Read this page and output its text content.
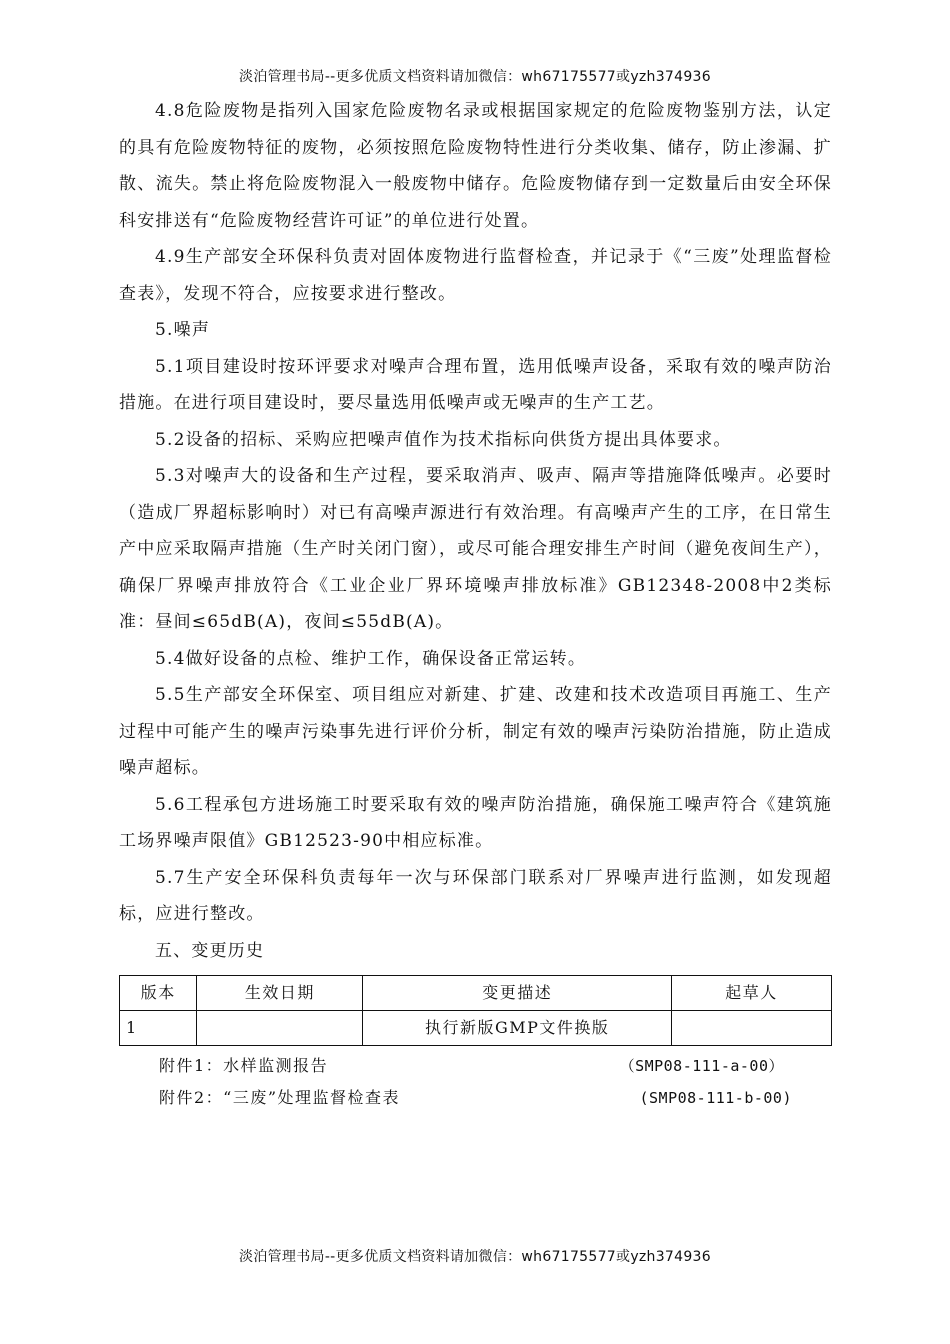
淡泊管理书局--更多优质文档资料请加微信：wh67175577或yzh374936

4.8危险废物是指列入国家危险废物名录或根据国家规定的危险废物鉴别方法，认定的具有危险废物特征的废物，必须按照危险废物特性进行分类收集、储存，防止渗漏、扩散、流失。禁止将危险废物混入一般废物中储存。危险废物储存到一定数量后由安全环保科安排送有“危险废物经营许可证”的单位进行处置。

4.9生产部安全环保科负责对固体废物进行监督检查，并记录于《“三废”处理监督检查表》，发现不符合，应按要求进行整改。

5.噪声

5.1项目建设时按环评要求对噪声合理布置，选用低噪声设备，采取有效的噪声防治措施。在进行项目建设时，要尽量选用低噪声或无噪声的生产工艺。

5.2设备的招标、采购应把噪声值作为技术指标向供货方提出具体要求。

5.3对噪声大的设备和生产过程，要采取消声、吸声、隔声等措施降低噪声。必要时（造成厂界超标影响时）对已有高噪声源进行有效治理。有高噪声产生的工序，在日常生产中应采取隔声措施（生产时关闭门窗），或尽可能合理安排生产时间（避免夜间生产），确保厂界噪声排放符合《工业企业厂界环境噪声排放标准》GB12348-2008中2类标准：昼间≤65dB(A)，夜间≤55dB(A)。

5.4做好设备的点检、维护工作，确保设备正常运转。

5.5生产部安全环保室、项目组应对新建、扩建、改建和技术改造项目再施工、生产过程中可能产生的噪声污染事先进行评价分析，制定有效的噪声污染防治措施，防止造成噪声超标。

5.6工程承包方进场施工时要采取有效的噪声防治措施，确保施工噪声符合《建筑施工场界噪声限值》GB12523-90中相应标准。

5.7生产安全环保科负责每年一次与环保部门联系对厂界噪声进行监测，如发现超标，应进行整改。

五、变更历史
版本	生效日期	变更描述	起草人
1		执行新版GMP文件换版	
附件1：水样监测报告	（SMP08-111-a-00）
附件2：“三废”处理监督检查表	(SMP08-111-b-00)
淡泊管理书局--更多优质文档资料请加微信：wh67175577或yzh374936
